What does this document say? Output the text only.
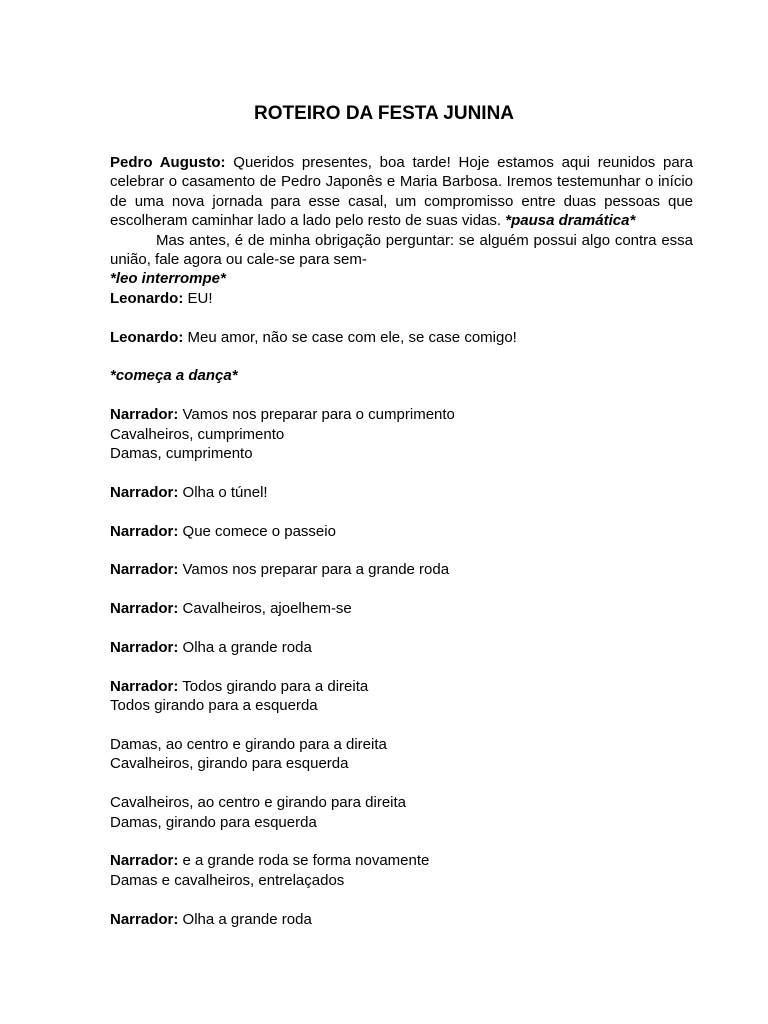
ROTEIRO DA FESTA JUNINA

Pedro Augusto: Queridos presentes, boa tarde! Hoje estamos aqui reunidos para celebrar o casamento de Pedro Japonês e Maria Barbosa. Iremos testemunhar o início de uma nova jornada para esse casal, um compromisso entre duas pessoas que escolheram caminhar lado a lado pelo resto de suas vidas. *pausa dramática*

Mas antes, é de minha obrigação perguntar: se alguém possui algo contra essa união, fale agora ou cale-se para sem-

*leo interrompe*

Leonardo: EU!

Leonardo: Meu amor, não se case com ele, se case comigo!

*começa a dança*

Narrador: Vamos nos preparar para o cumprimento

Cavalheiros, cumprimento

Damas, cumprimento

Narrador: Olha o túnel!

Narrador: Que comece o passeio

Narrador: Vamos nos preparar para a grande roda

Narrador: Cavalheiros, ajoelhem-se

Narrador: Olha a grande roda

Narrador: Todos girando para a direita

Todos girando para a esquerda

Damas, ao centro e girando para a direita

Cavalheiros, girando para esquerda

Cavalheiros, ao centro e girando para direita

Damas, girando para esquerda

Narrador: e a grande roda se forma novamente

Damas e cavalheiros, entrelaçados

Narrador: Olha a grande roda
